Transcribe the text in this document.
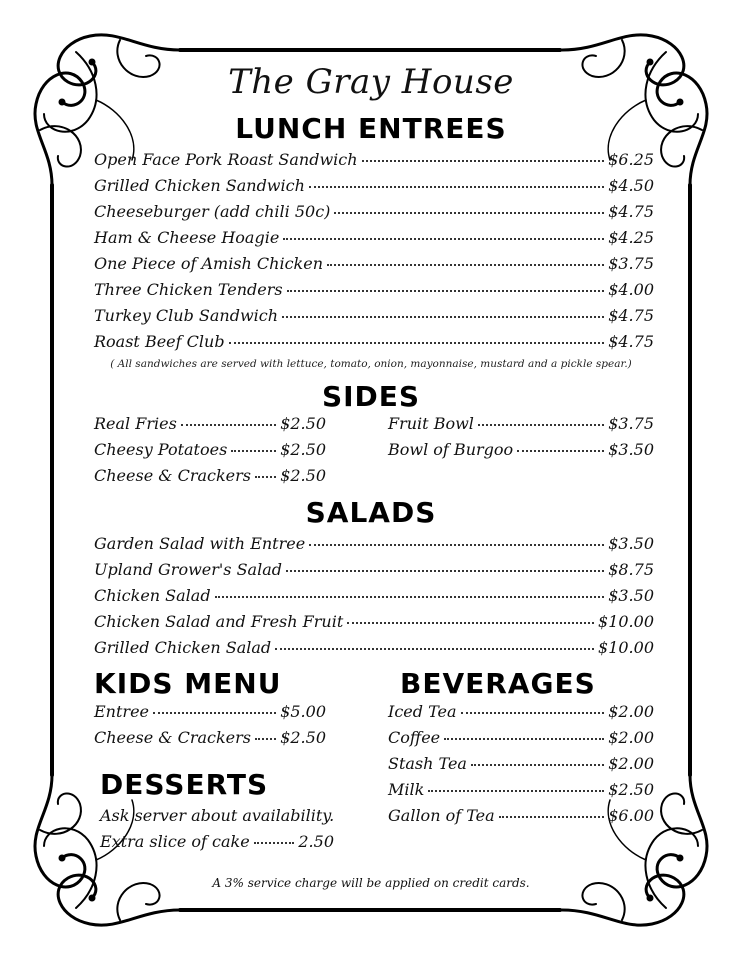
The Gray House
LUNCH ENTREES
Open Face Pork Roast Sandwich	$6.25
Grilled Chicken Sandwich	$4.50
Cheeseburger (add chili 50c)	$4.75
Ham & Cheese Hoagie	$4.25
One Piece of Amish Chicken	$3.75
Three Chicken Tenders	$4.00
Turkey Club Sandwich	$4.75
Roast Beef Club	$4.75
( All sandwiches are served with lettuce, tomato, onion, mayonnaise, mustard and a pickle spear.)
SIDES
Real Fries	$2.50
Cheesy Potatoes	$2.50
Cheese & Crackers $2.50
Fruit Bowl	$3.75
Bowl of Burgoo	$3.50
SALADS
Garden Salad with Entree	$3.50
Upland Grower's Salad	$8.75
Chicken Salad	$3.50
Chicken Salad and Fresh Fruit	$10.00
Grilled Chicken Salad	$10.00
KIDS MENU
Entree	$5.00
Cheese & Crackers $2.50
BEVERAGES
Iced Tea	$2.00
Coffee	$2.00
Stash Tea	$2.00
Milk	$2.50
Gallon of Tea	$6.00
DESSERTS
Ask server about availability.
Extra slice of cake	2.50
A 3% service charge will be applied on credit cards.
